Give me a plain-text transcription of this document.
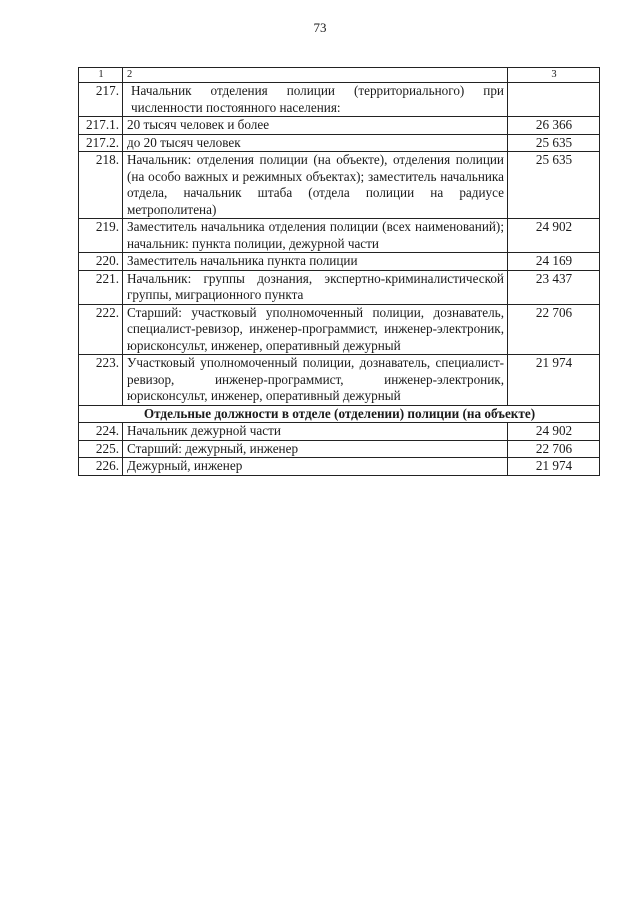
73
1	2	3
217.	Начальник отделения полиции (территориального) при численности постоянного населения:	
217.1.	20 тысяч человек и более	26 366
217.2.	до 20 тысяч человек	25 635
218.	Начальник: отделения полиции (на объекте), отделения полиции (на особо важных и режимных объектах); заместитель начальника отдела, начальник штаба (отдела полиции на радиусе метрополитена)	25 635
219.	Заместитель начальника отделения полиции (всех наименований); начальник: пункта полиции, дежурной части	24 902
220.	Заместитель начальника пункта полиции	24 169
221.	Начальник: группы дознания, экспертно-криминалистической группы, миграционного пункта	23 437
222.	Старший: участковый уполномоченный полиции, дознаватель, специалист-ревизор, инженер-программист, инженер-электроник, юрисконсульт, инженер, оперативный дежурный	22 706
223.	Участковый уполномоченный полиции, дознаватель, специалист-ревизор, инженер-программист, инженер-электроник, юрисконсульт, инженер, оперативный дежурный	21 974
Отдельные должности в отделе (отделении) полиции (на объекте)		
224.	Начальник дежурной части	24 902
225.	Старший: дежурный, инженер	22 706
226.	Дежурный, инженер	21 974
